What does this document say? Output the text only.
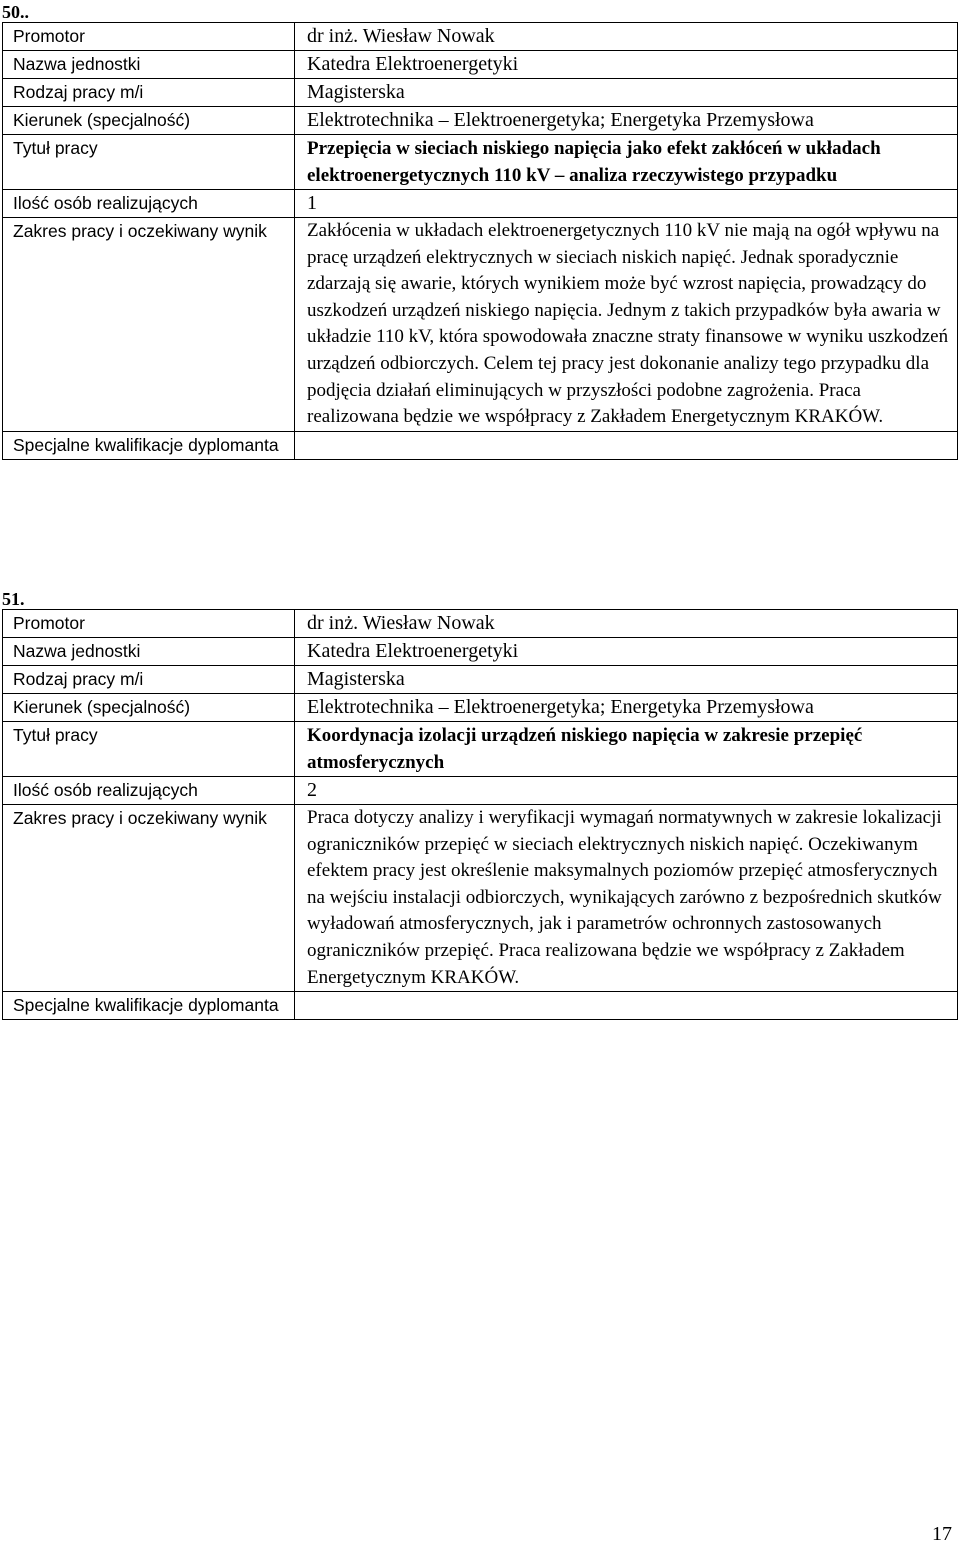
50..
Promotor	dr inż. Wiesław Nowak
Nazwa jednostki	Katedra Elektroenergetyki
Rodzaj pracy m/i	Magisterska
Kierunek (specjalność)	Elektrotechnika – Elektroenergetyka; Energetyka Przemysłowa
Tytuł pracy	Przepięcia w sieciach niskiego napięcia jako efekt zakłóceń w układach elektroenergetycznych 110 kV – analiza rzeczywistego przypadku
Ilość osób realizujących	1
Zakres pracy i oczekiwany wynik	Zakłócenia w układach elektroenergetycznych 110 kV nie mają na ogół wpływu na pracę urządzeń elektrycznych w sieciach niskich napięć. Jednak sporadycznie zdarzają się awarie, których wynikiem może być wzrost napięcia, prowadzący do uszkodzeń urządzeń niskiego napięcia. Jednym z takich przypadków była awaria w układzie 110 kV, która spowodowała znaczne straty finansowe w wyniku uszkodzeń urządzeń odbiorczych. Celem tej pracy jest dokonanie analizy tego przypadku dla podjęcia działań eliminujących w przyszłości podobne zagrożenia. Praca realizowana będzie we współpracy z Zakładem Energetycznym KRAKÓW.
Specjalne kwalifikacje dyplomanta	
51.
Promotor	dr inż. Wiesław Nowak
Nazwa jednostki	Katedra Elektroenergetyki
Rodzaj pracy m/i	Magisterska
Kierunek (specjalność)	Elektrotechnika – Elektroenergetyka; Energetyka Przemysłowa
Tytuł pracy	Koordynacja izolacji urządzeń niskiego napięcia w zakresie przepięć atmosferycznych
Ilość osób realizujących	2
Zakres pracy i oczekiwany wynik	Praca dotyczy analizy i weryfikacji wymagań normatywnych w zakresie lokalizacji ograniczników przepięć w sieciach elektrycznych niskich napięć. Oczekiwanym efektem pracy jest określenie maksymalnych poziomów przepięć atmosferycznych na wejściu instalacji odbiorczych, wynikających zarówno z bezpośrednich skutków wyładowań atmosferycznych, jak i parametrów ochronnych zastosowanych ograniczników przepięć. Praca realizowana będzie we współpracy z Zakładem Energetycznym KRAKÓW.
Specjalne kwalifikacje dyplomanta	
17
